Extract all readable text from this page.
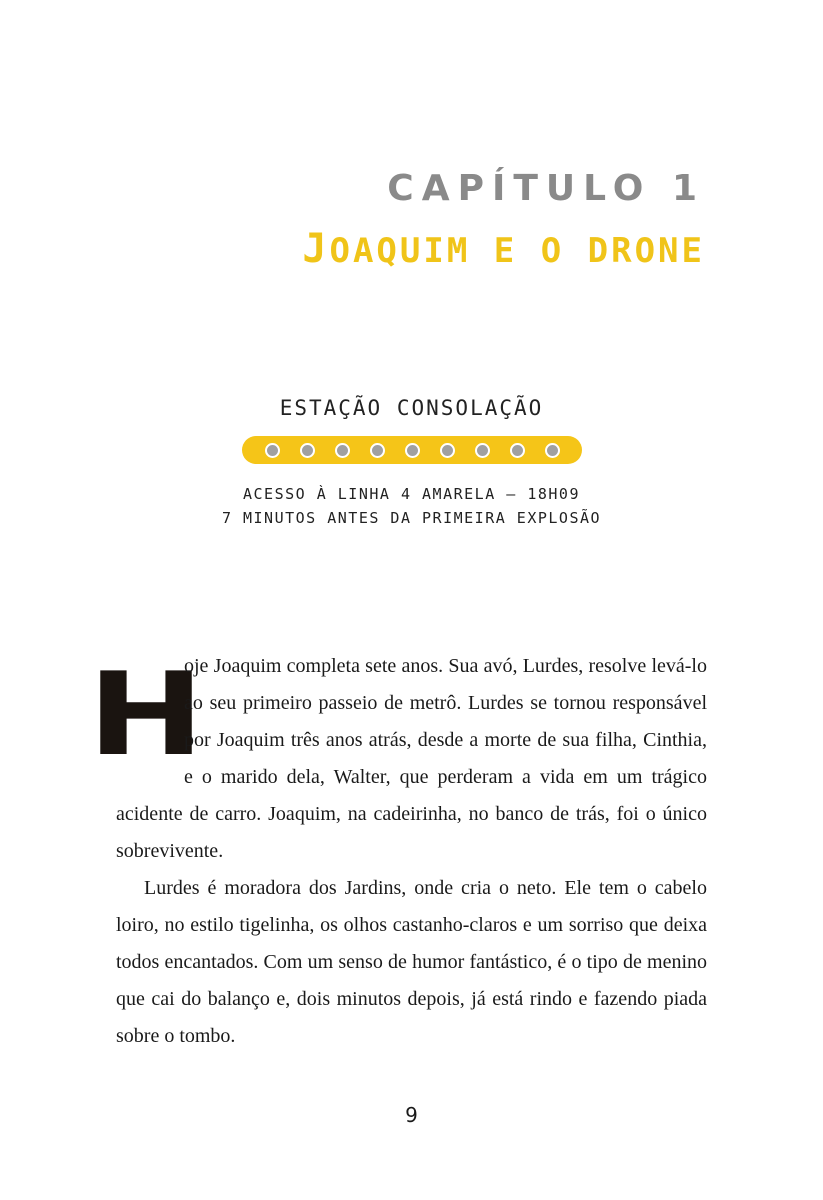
CAPÍTULO 1
JOAQUIM E O DRONE
ESTAÇÃO CONSOLAÇÃO
ACESSO À LINHA 4 AMARELA – 18H09
7 MINUTOS ANTES DA PRIMEIRA EXPLOSÃO

H
oje Joaquim completa sete anos. Sua avó, Lurdes, resolve levá-lo ao seu primeiro passeio de metrô. Lurdes se tornou responsável por Joaquim três anos atrás, desde a morte de sua filha, Cinthia, e o marido dela, Walter, que perderam a vida em um trágico acidente de carro. Joaquim, na cadeirinha, no banco de trás, foi o único sobrevivente.

Lurdes é moradora dos Jardins, onde cria o neto. Ele tem o cabelo loiro, no estilo tigelinha, os olhos castanho-claros e um sorriso que deixa todos encantados. Com um senso de humor fantástico, é o tipo de menino que cai do balanço e, dois minutos depois, já está rindo e fazendo piada sobre o tombo.

9
